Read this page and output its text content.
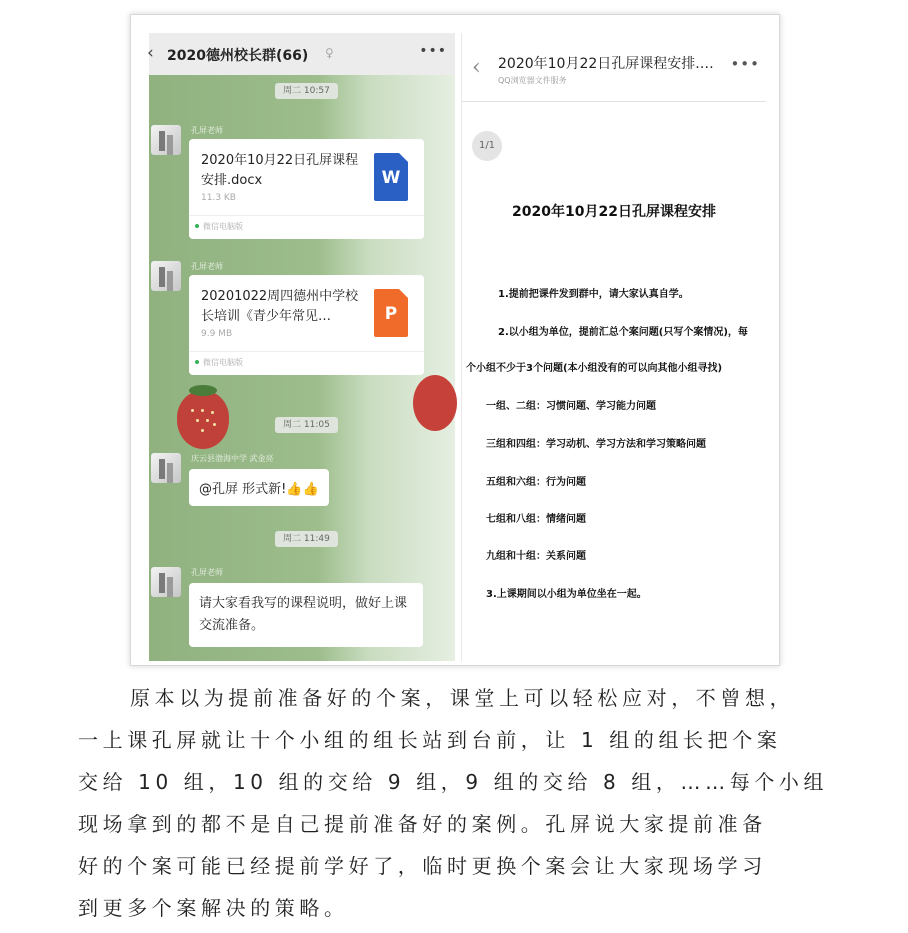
‹ 2020德州校长群(66) ♀	•••
周二 10:57
孔屏老师
2020年10月22日孔屏课程安排.docx
11.3 KB
W
微信电脑版
孔屏老师
20201022周四德州中学校长培训《青少年常见…
9.9 MB
P
微信电脑版
周二 11:05
庆云县渤海中学 武金亮
@孔屏 形式新!👍👍
周二 11:49
孔屏老师
请大家看我写的课程说明，做好上课交流准备。
‹ 2020年10月22日孔屏课程安排.…
QQ浏览器文件服务
•••
1/1
2020年10月22日孔屏课程安排
1.提前把课件发到群中，请大家认真自学。
2.以小组为单位，提前汇总个案问题(只写个案情况)，每
个小组不少于3个问题(本小组没有的可以向其他小组寻找)
一组、二组：习惯问题、学习能力问题
三组和四组：学习动机、学习方法和学习策略问题
五组和六组：行为问题
七组和八组：情绪问题
九组和十组：关系问题
3.上课期间以小组为单位坐在一起。
原本以为提前准备好的个案，课堂上可以轻松应对，不曾想，
一上课孔屏就让十个小组的组长站到台前，让 1 组的组长把个案
交给 10 组，10 组的交给 9 组，9 组的交给 8 组，……每个小组
现场拿到的都不是自己提前准备好的案例。孔屏说大家提前准备
好的个案可能已经提前学好了，临时更换个案会让大家现场学习
到更多个案解决的策略。
